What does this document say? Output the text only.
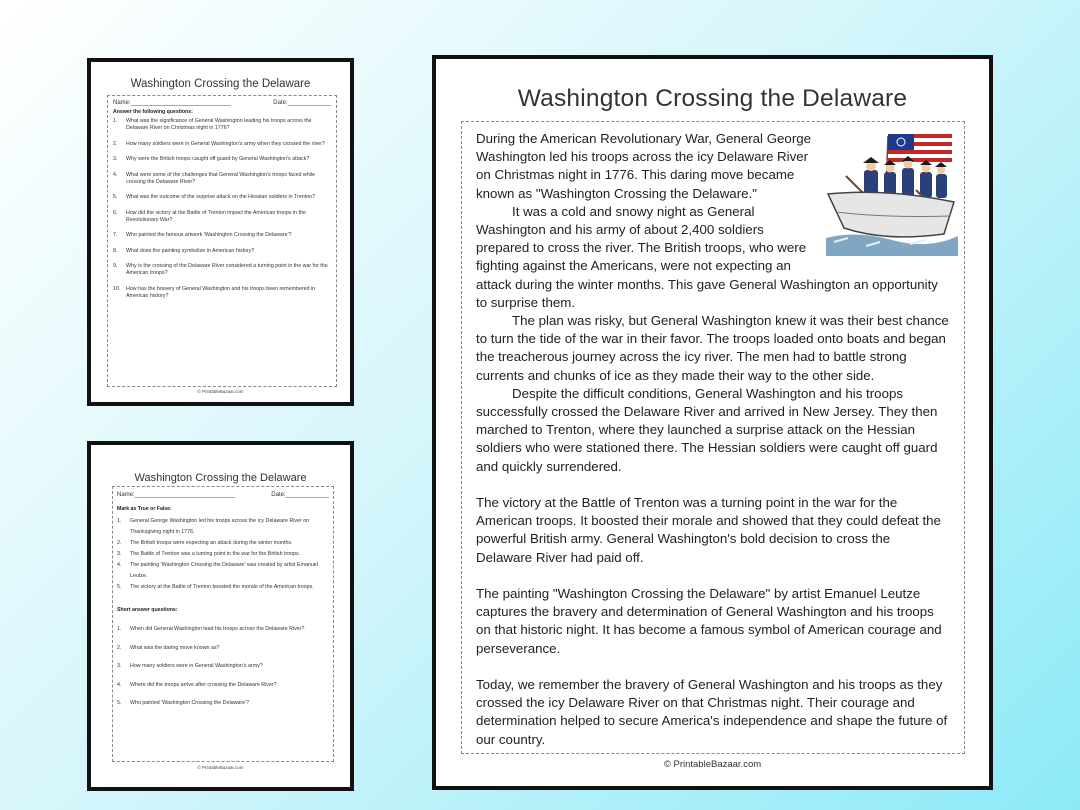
Washington Crossing the Delaware
Name:______________________________	Date:_____________
Answer the following questions:
1.	What was the significance of General Washington leading his troops across the Delaware River on Christmas night in 1776?
2.	How many soldiers were in General Washington's army when they crossed the river?
3.	Why were the British troops caught off guard by General Washington's attack?
4.	What were some of the challenges that General Washington's troops faced while crossing the Delaware River?
5.	What was the outcome of the surprise attack on the Hessian soldiers in Trenton?
6.	How did the victory at the Battle of Trenton impact the American troops in the Revolutionary War?
7.	Who painted the famous artwork 'Washington Crossing the Delaware'?
8.	What does the painting symbolize in American history?
9.	Why is the crossing of the Delaware River considered a turning point in the war for the American troops?
10.	How has the bravery of General Washington and his troops been remembered in American history?
© PrintableBazaar.com
Washington Crossing the Delaware
Name:______________________________	Date:_____________
Mark as True or False:
1.	General George Washington led his troops across the icy Delaware River on Thanksgiving night in 1776.
2.	The British troops were expecting an attack during the winter months.
3.	The Battle of Trenton was a turning point in the war for the British troops.
4.	The painting 'Washington Crossing the Delaware' was created by artist Emanuel Leutze.
5.	The victory at the Battle of Trenton boosted the morale of the American troops.
Short answer questions:
1.	When did General Washington lead his troops across the Delaware River?
2.	What was the daring move known as?
3.	How many soldiers were in General Washington's army?
4.	Where did the troops arrive after crossing the Delaware River?
5.	Who painted 'Washington Crossing the Delaware'?
© PrintableBazaar.com
Washington Crossing the Delaware

During the American Revolutionary War, General George Washington led his troops across the icy Delaware River on Christmas night in 1776. This daring move became known as "Washington Crossing the Delaware."

It was a cold and snowy night as General Washington and his army of about 2,400 soldiers prepared to cross the river. The British troops, who were fighting against the Americans, were not expecting an attack during the winter months. This gave General Washington an opportunity to surprise them.

The plan was risky, but General Washington knew it was their best chance to turn the tide of the war in their favor. The troops loaded onto boats and began the treacherous journey across the icy river. The men had to battle strong currents and chunks of ice as they made their way to the other side.

Despite the difficult conditions, General Washington and his troops successfully crossed the Delaware River and arrived in New Jersey. They then marched to Trenton, where they launched a surprise attack on the Hessian soldiers who were stationed there. The Hessian soldiers were caught off guard and quickly surrendered.

The victory at the Battle of Trenton was a turning point in the war for the American troops. It boosted their morale and showed that they could defeat the powerful British army. General Washington's bold decision to cross the Delaware River had paid off.

The painting "Washington Crossing the Delaware" by artist Emanuel Leutze captures the bravery and determination of General Washington and his troops on that historic night. It has become a famous symbol of American courage and perseverance.

Today, we remember the bravery of General Washington and his troops as they crossed the icy Delaware River on that Christmas night. Their courage and determination helped to secure America's independence and shape the future of our country.

© PrintableBazaar.com
